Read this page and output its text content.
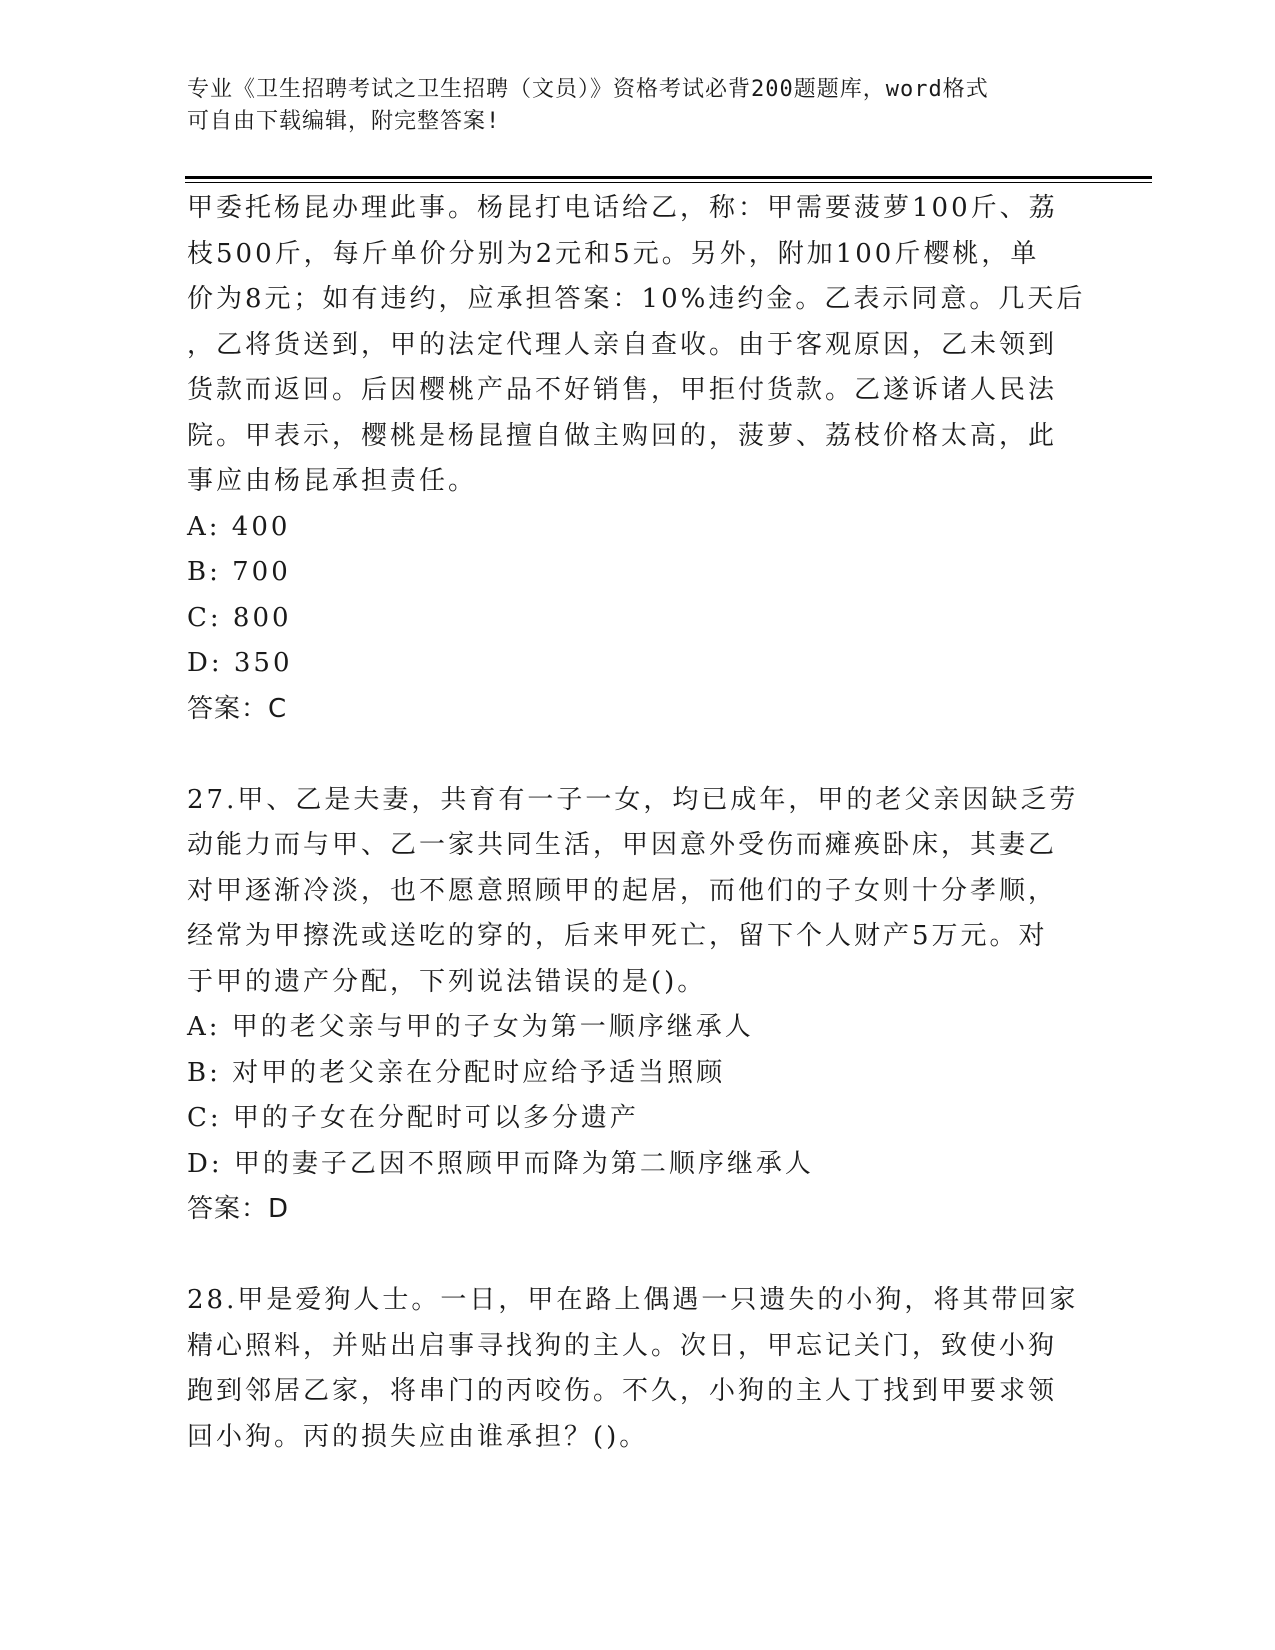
专业《卫生招聘考试之卫生招聘（文员）》资格考试必背200题题库，word格式
可自由下载编辑，附完整答案!
甲委托杨昆办理此事。杨昆打电话给乙，称：甲需要菠萝100斤、荔
枝500斤，每斤单价分别为2元和5元。另外，附加100斤樱桃，单
价为8元；如有违约，应承担答案：10%违约金。乙表示同意。几天后
，乙将货送到，甲的法定代理人亲自查收。由于客观原因，乙未领到
货款而返回。后因樱桃产品不好销售，甲拒付货款。乙遂诉诸人民法
院。甲表示，樱桃是杨昆擅自做主购回的，菠萝、荔枝价格太高，此
事应由杨昆承担责任。
A: 400
B: 700
C: 800
D: 350
答案：C
27.甲、乙是夫妻，共育有一子一女，均已成年，甲的老父亲因缺乏劳
动能力而与甲、乙一家共同生活，甲因意外受伤而瘫痪卧床，其妻乙
对甲逐渐冷淡，也不愿意照顾甲的起居，而他们的子女则十分孝顺，
经常为甲擦洗或送吃的穿的，后来甲死亡，留下个人财产5万元。对
于甲的遗产分配，下列说法错误的是()。
A: 甲的老父亲与甲的子女为第一顺序继承人
B: 对甲的老父亲在分配时应给予适当照顾
C: 甲的子女在分配时可以多分遗产
D: 甲的妻子乙因不照顾甲而降为第二顺序继承人
答案：D
28.甲是爱狗人士。一日，甲在路上偶遇一只遗失的小狗，将其带回家
精心照料，并贴出启事寻找狗的主人。次日，甲忘记关门，致使小狗
跑到邻居乙家，将串门的丙咬伤。不久，小狗的主人丁找到甲要求领
回小狗。丙的损失应由谁承担？()。
